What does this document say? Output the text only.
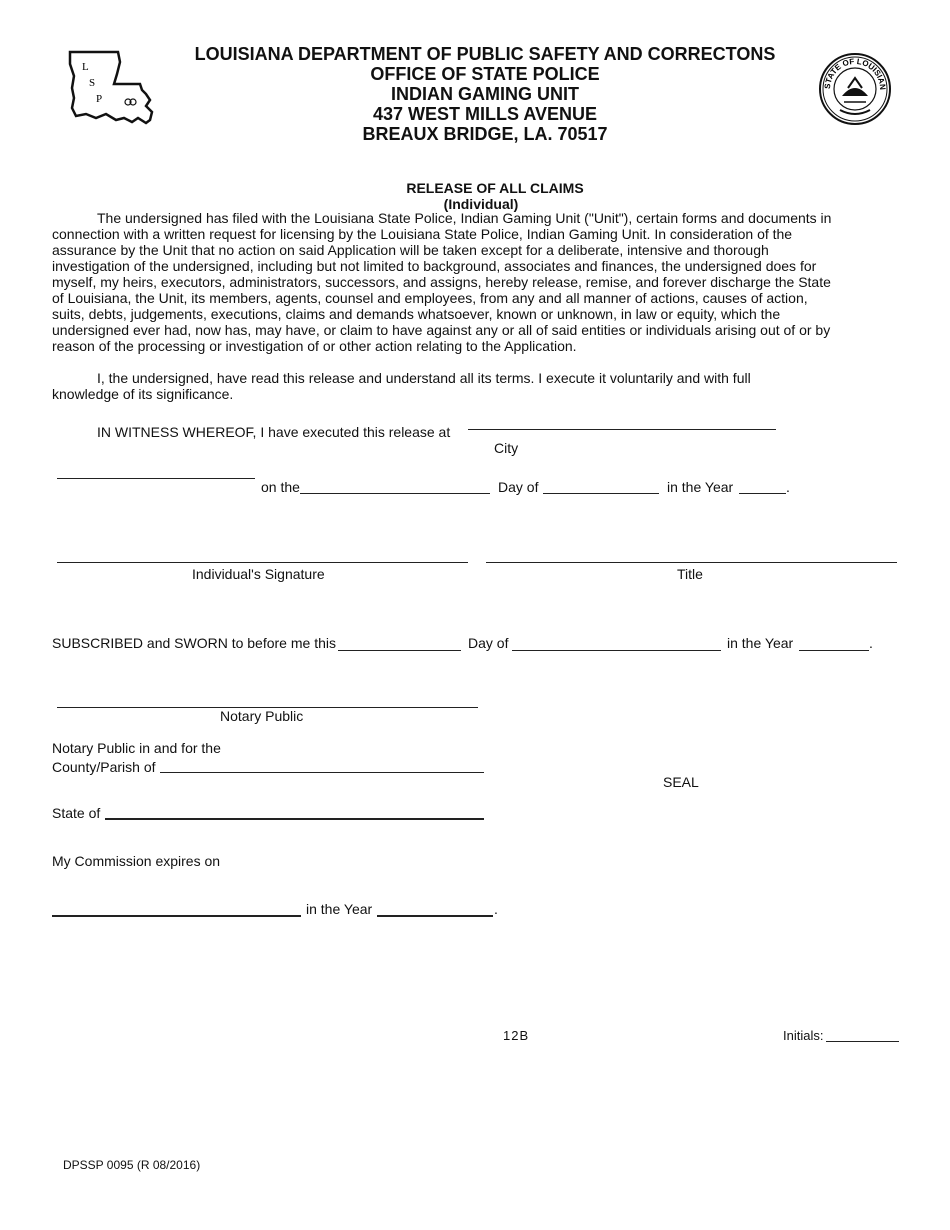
L
S
P
LOUISIANA DEPARTMENT OF PUBLIC SAFETY AND CORRECTONS
OFFICE OF STATE POLICE
INDIAN GAMING UNIT
437 WEST MILLS AVENUE
BREAUX BRIDGE, LA. 70517
STATE OF LOUISIAN
RELEASE OF ALL CLAIMS
(Individual)
The undersigned has filed with the Louisiana State Police, Indian Gaming Unit ("Unit"), certain forms and documents in connection with a written request for licensing by the Louisiana State Police, Indian Gaming Unit. In consideration of the assurance by the Unit that no action on said Application will be taken except for a deliberate, intensive and thorough investigation of the undersigned, including but not limited to background, associates and finances, the undersigned does for myself, my heirs, executors, administrators, successors, and assigns, hereby release, remise, and forever discharge the State of Louisiana, the Unit, its members, agents, counsel and employees, from any and all manner of actions, causes of action, suits, debts, judgements, executions, claims and demands whatsoever, known or unknown, in law or equity, which the undersigned ever had, now has, may have, or claim to have against any or all of said entities or individuals arising out of or by reason of the processing or investigation of or other action relating to the Application.
I, the undersigned, have read this release and understand all its terms. I execute it voluntarily and with full knowledge of its significance.
IN WITNESS WHEREOF, I have executed this release at
City
on the	Day of	in the Year	.
Individual's Signature	Title
SUBSCRIBED and SWORN to before me this	Day of	in the Year	.
Notary Public
Notary Public in and for the
County/Parish of
SEAL
State of
My Commission expires on
in the Year	.
12B	Initials:
DPSSP 0095 (R 08/2016)
